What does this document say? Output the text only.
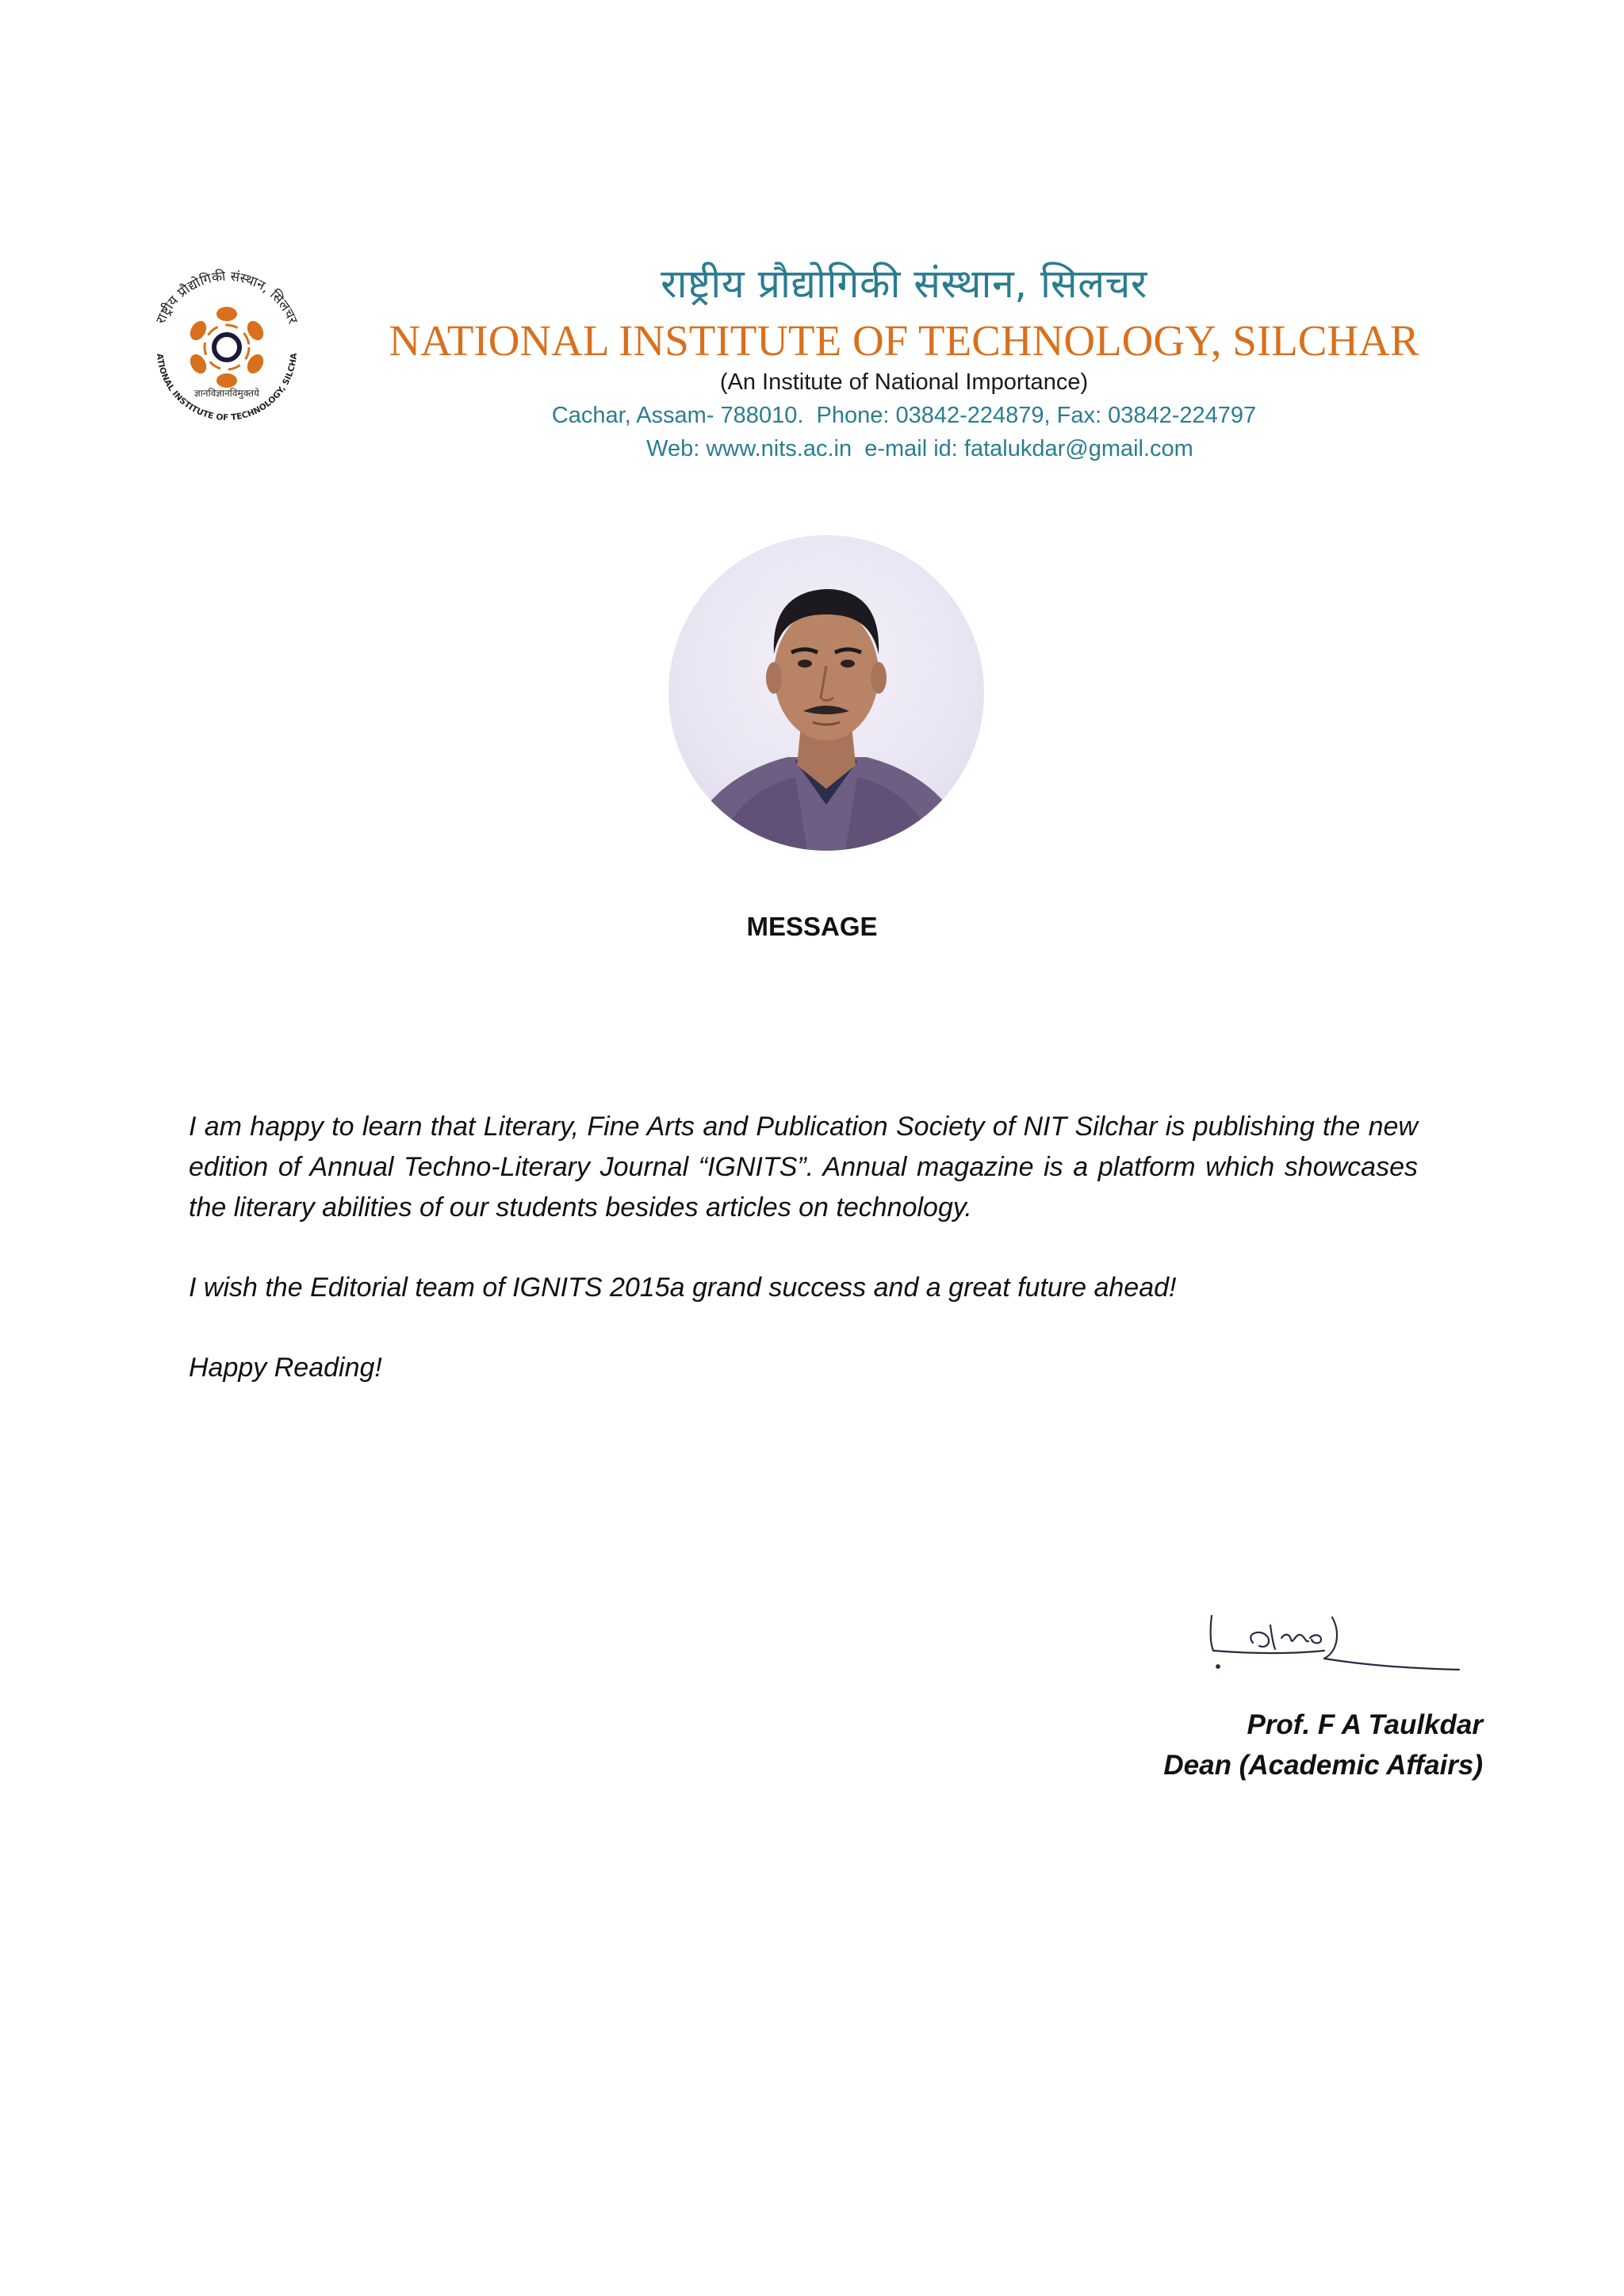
राष्ट्रीय प्रौद्योगिकी संस्थान, सिलचर
ATIONAL INSTITUTE OF TECHNOLOGY, SILCHA
ज्ञानविज्ञानविमुक्तये
राष्ट्रीय प्रौद्योगिकी संस्थान, सिलचर
NATIONAL INSTITUTE OF TECHNOLOGY, SILCHAR
(An Institute of National Importance)
Cachar, Assam- 788010.  Phone: 03842-224879, Fax: 03842-224797
Web: www.nits.ac.in  e-mail id: fatalukdar@gmail.com
MESSAGE

I am happy to learn that Literary, Fine Arts and Publication Society of NIT Silchar is publishing the new edition of Annual Techno-Literary Journal “IGNITS”. Annual magazine is a platform which showcases the literary abilities of our students besides articles on technology.

I wish the Editorial team of IGNITS 2015a grand success and a great future ahead!

Happy Reading!

Prof. F A Taulkdar
Dean (Academic Affairs)
